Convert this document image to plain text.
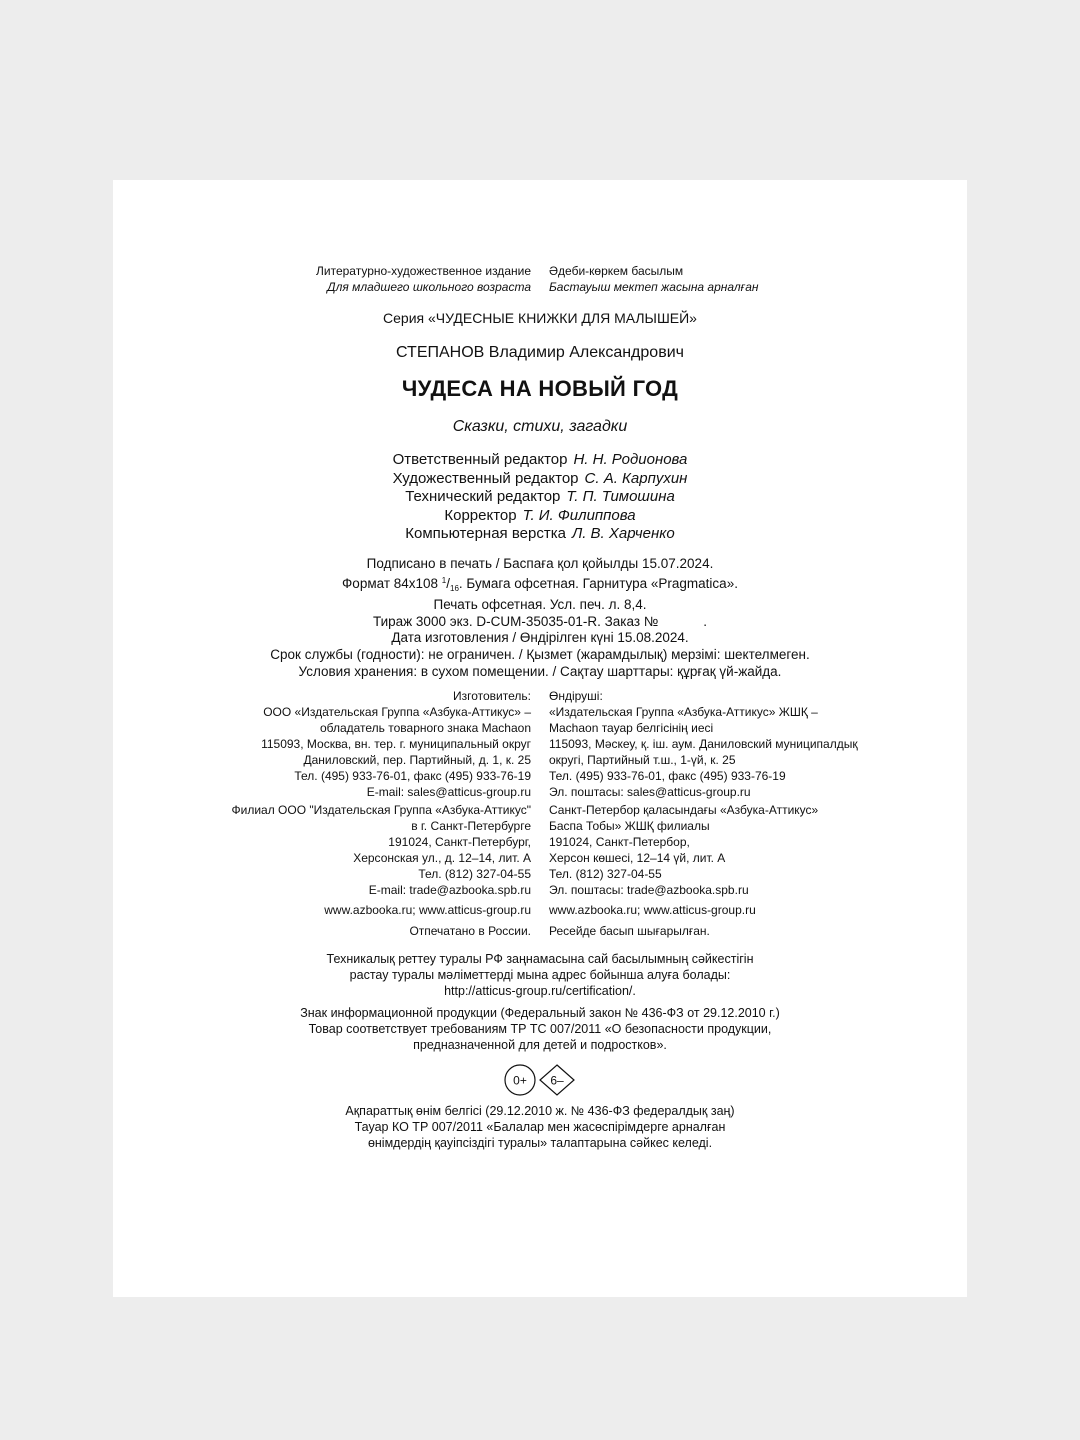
Литературно-художественное издание
Для младшего школьного возраста
Әдеби-көркем басылым
Бастауыш мектеп жасына арналған
Серия «ЧУДЕСНЫЕ КНИЖКИ ДЛЯ МАЛЫШЕЙ»
СТЕПАНОВ Владимир Александрович
ЧУДЕСА НА НОВЫЙ ГОД
Сказки, стихи, загадки
Ответственный редактор Н. Н. Родионова
Художественный редактор С. А. Карпухин
Технический редактор Т. П. Тимошина
Корректор Т. И. Филиппова
Компьютерная верстка Л. В. Харченко
Подписано в печать / Баспаға қол қойылды 15.07.2024.
Формат 84х108 $^1/_{16}$. Бумага офсетная. Гарнитура «Pragmatica».
Печать офсетная. Усл. печ. л. 8,4.
Тираж 3000 экз. D-CUM-35035-01-R. Заказ №            .
Дата изготовления / Өндірілген күні 15.08.2024.
Срок службы (годности): не ограничен. / Қызмет (жарамдылық) мерзімі: шектелмеген.
Условия хранения: в сухом помещении. / Сақтау шарттары: құрғақ үй-жайда.
Изготовитель:
ООО «Издательская Группа «Азбука-Аттикус» –
обладатель товарного знака Machaon
115093, Москва, вн. тер. г. муниципальный округ
Даниловский, пер. Партийный, д. 1, к. 25
Тел. (495) 933-76-01, факс (495) 933-76-19
E-mail: sales@atticus-group.ru
Өндіруші:
«Издательская Группа «Азбука-Аттикус» ЖШҚ –
Machaon тауар белгісінің иесі
115093, Мәскеу, қ. іш. аум. Даниловский муниципалдық
округі, Партийный т.ш., 1-үй, к. 25
Тел. (495) 933-76-01, факс (495) 933-76-19
Эл. поштасы: sales@atticus-group.ru
Филиал ООО "Издательская Группа «Азбука-Аттикус"
в г. Санкт-Петербурге
191024, Санкт-Петербург,
Херсонская ул., д. 12–14, лит. А
Тел. (812) 327-04-55
E-mail: trade@azbooka.spb.ru
Санкт-Петербор қаласындағы «Азбука-Аттикус»
Баспа Тобы» ЖШҚ филиалы
191024, Санкт-Петербор,
Херсон көшесі, 12–14 үй, лит. А
Тел. (812) 327-04-55
Эл. поштасы: trade@azbooka.spb.ru
www.azbooka.ru; www.atticus-group.ru www.azbooka.ru; www.atticus-group.ru
Отпечатано в России. Ресейде басып шығарылған.
Техникалық реттеу туралы РФ заңнамасына сай басылымның сәйкестігін
растау туралы мәліметтерді мына адрес бойынша алуға болады:
http://atticus-group.ru/certification/.
Знак информационной продукции (Федеральный закон № 436-ФЗ от 29.12.2010 г.)
Товар соответствует требованиям ТР ТС 007/2011 «О безопасности продукции,
предназначенной для детей и подростков».
0+ 6–
Ақпараттық өнім белгісі (29.12.2010 ж. № 436-ФЗ федералдық заң)
Тауар КО ТР 007/2011 «Балалар мен жасөспірімдерге арналған
өнімдердің қауіпсіздігі туралы» талаптарына сәйкес келеді.
